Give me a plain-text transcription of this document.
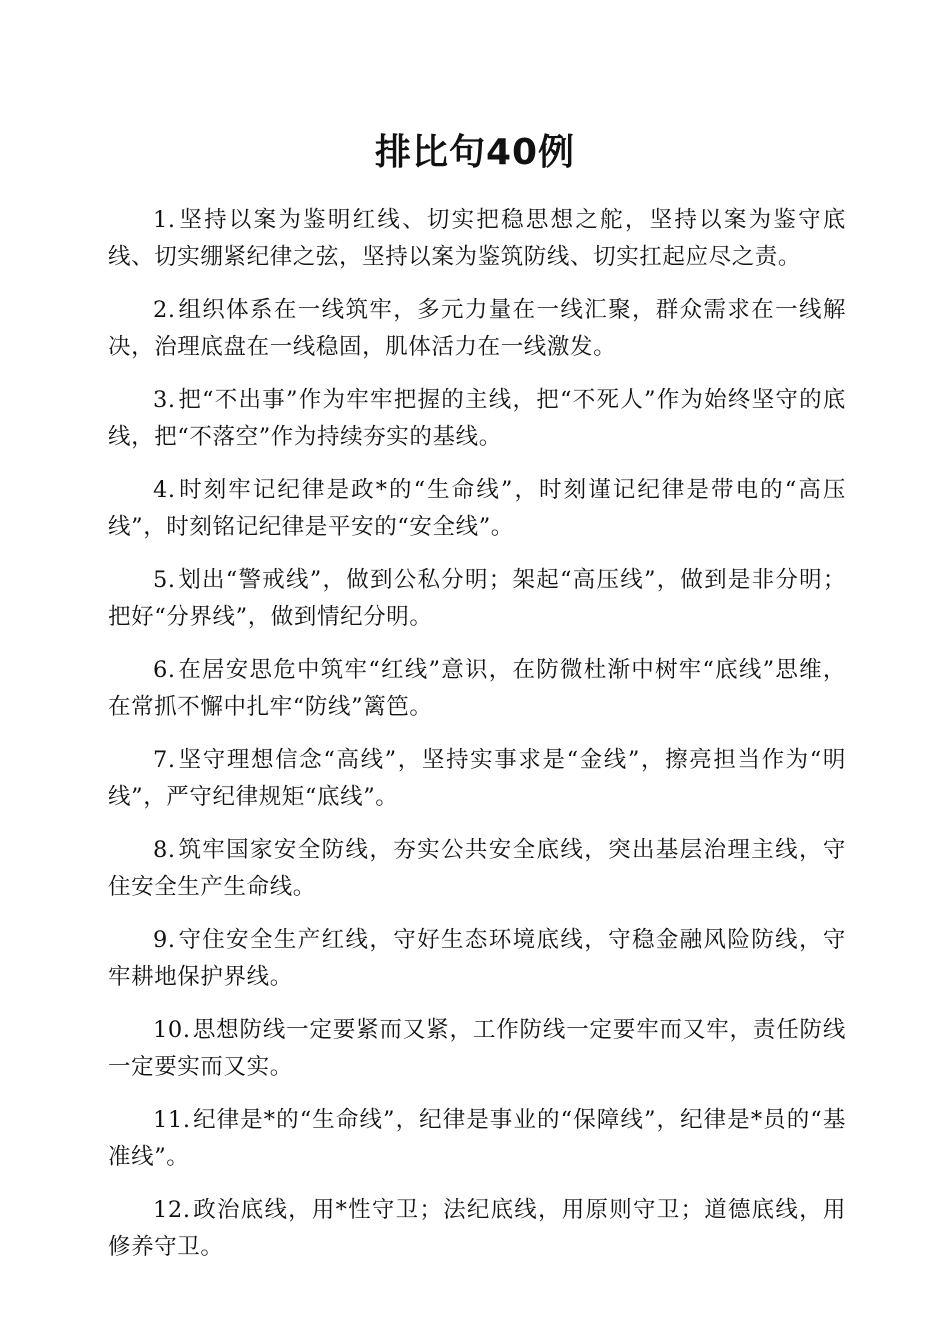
排比句40例

1.坚持以案为鉴明红线、切实把稳思想之舵，坚持以案为鉴守底线、切实绷紧纪律之弦，坚持以案为鉴筑防线、切实扛起应尽之责。

2.组织体系在一线筑牢，多元力量在一线汇聚，群众需求在一线解决，治理底盘在一线稳固，肌体活力在一线激发。

3.把“不出事”作为牢牢把握的主线，把“不死人”作为始终坚守的底线，把“不落空”作为持续夯实的基线。

4.时刻牢记纪律是政*的“生命线”，时刻谨记纪律是带电的“高压线”，时刻铭记纪律是平安的“安全线”。

5.划出“警戒线”，做到公私分明；架起“高压线”，做到是非分明；把好“分界线”，做到情纪分明。

6.在居安思危中筑牢“红线”意识，在防微杜渐中树牢“底线”思维，在常抓不懈中扎牢“防线”篱笆。

7.坚守理想信念“高线”，坚持实事求是“金线”，擦亮担当作为“明线”，严守纪律规矩“底线”。

8.筑牢国家安全防线，夯实公共安全底线，突出基层治理主线，守住安全生产生命线。

9.守住安全生产红线，守好生态环境底线，守稳金融风险防线，守牢耕地保护界线。

10.思想防线一定要紧而又紧，工作防线一定要牢而又牢，责任防线一定要实而又实。

11.纪律是*的“生命线”，纪律是事业的“保障线”，纪律是*员的“基准线”。

12.政治底线，用*性守卫；法纪底线，用原则守卫；道德底线，用修养守卫。
